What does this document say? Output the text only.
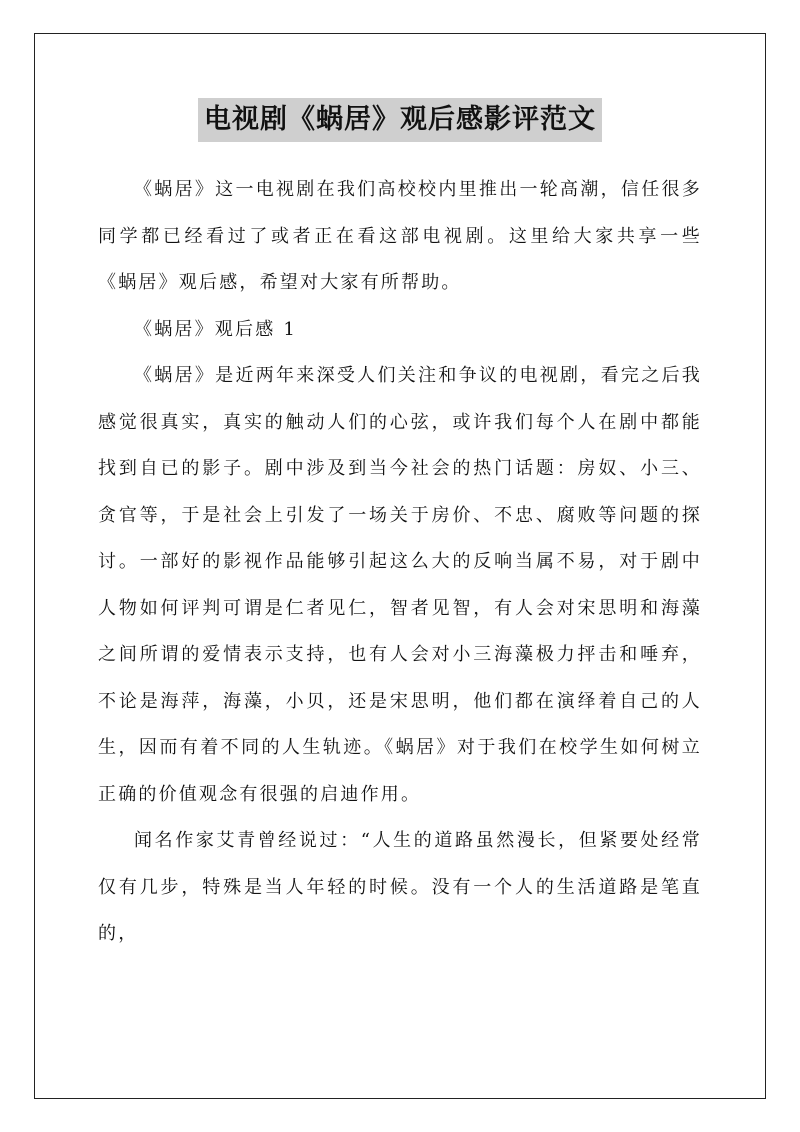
电视剧《蜗居》观后感影评范文

《蜗居》这一电视剧在我们高校校内里推出一轮高潮，信任很多同学都已经看过了或者正在看这部电视剧。这里给大家共享一些《蜗居》观后感，希望对大家有所帮助。

《蜗居》观后感 1

《蜗居》是近两年来深受人们关注和争议的电视剧，看完之后我感觉很真实，真实的触动人们的心弦，或许我们每个人在剧中都能找到自已的影子。剧中涉及到当今社会的热门话题：房奴、小三、贪官等，于是社会上引发了一场关于房价、不忠、腐败等问题的探讨。一部好的影视作品能够引起这么大的反响当属不易，对于剧中人物如何评判可谓是仁者见仁，智者见智，有人会对宋思明和海藻之间所谓的爱情表示支持，也有人会对小三海藻极力抨击和唾弃，不论是海萍，海藻，小贝，还是宋思明，他们都在演绎着自己的人生，因而有着不同的人生轨迹。《蜗居》对于我们在校学生如何树立正确的价值观念有很强的启迪作用。

闻名作家艾青曾经说过：“人生的道路虽然漫长，但紧要处经常仅有几步，特殊是当人年轻的时候。没有一个人的生活道路是笔直的，
